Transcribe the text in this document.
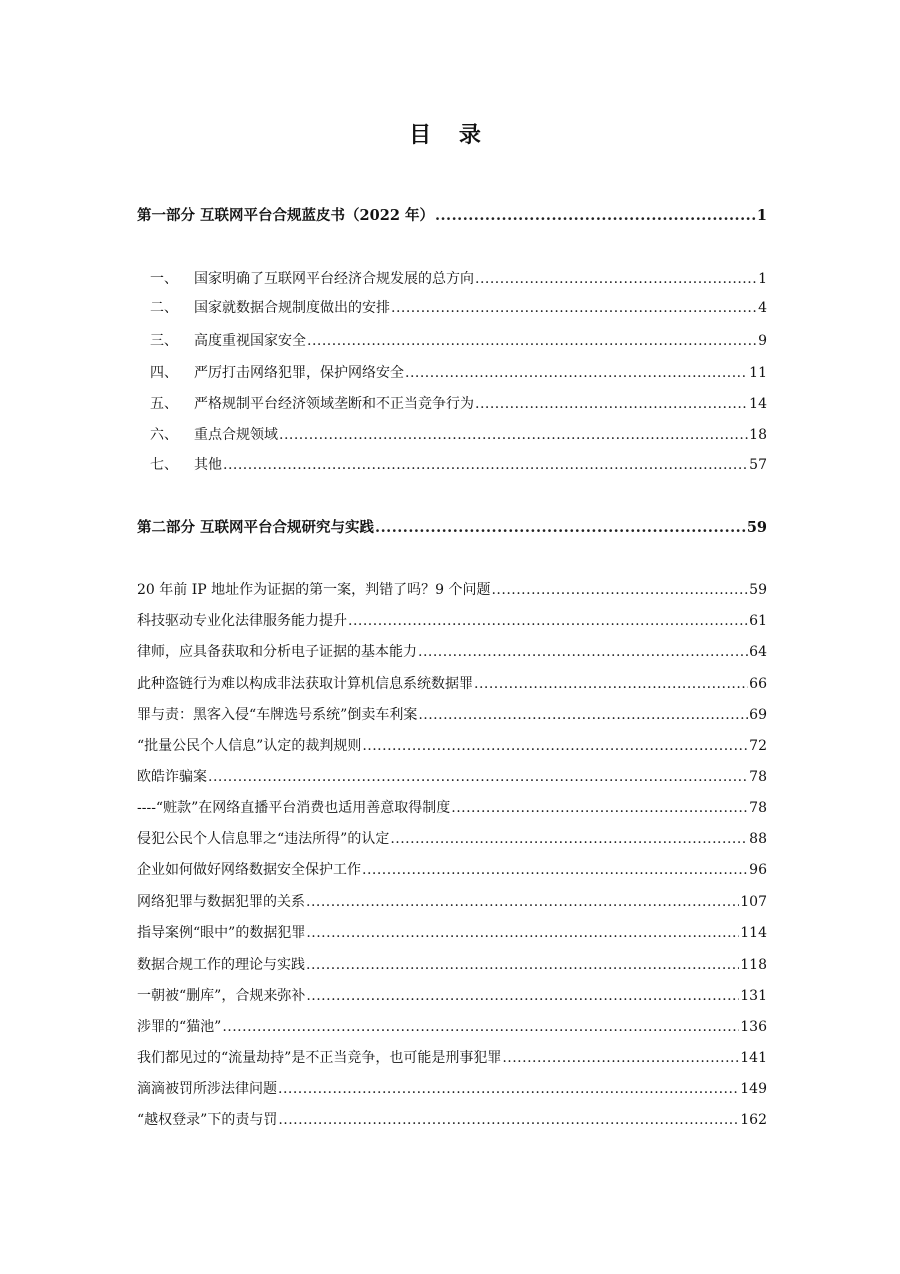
目 录
第一部分 互联网平台合规蓝皮书（2022 年） .....	1
一、 国家明确了互联网平台经济合规发展的总方向 .....	1
二、 国家就数据合规制度做出的安排 .....	4
三、 高度重视国家安全 .....	9
四、 严厉打击网络犯罪，保护网络安全 .....	11
五、 严格规制平台经济领域垄断和不正当竞争行为 .....	14
六、 重点合规领域 .....	18
七、 其他 .....	57
第二部分 互联网平台合规研究与实践 .....	59
20 年前 IP 地址作为证据的第一案，判错了吗？9 个问题 .....	59
科技驱动专业化法律服务能力提升 .....	61
律师，应具备获取和分析电子证据的基本能力 .....	64
此种盗链行为难以构成非法获取计算机信息系统数据罪 .....	66
罪与责：黑客入侵“车牌选号系统”倒卖车利案 .....	69
“批量公民个人信息”认定的裁判规则 .....	72
欧皓诈骗案 .....	78
----“赃款”在网络直播平台消费也适用善意取得制度 .....	78
侵犯公民个人信息罪之“违法所得”的认定 .....	88
企业如何做好网络数据安全保护工作 .....	96
网络犯罪与数据犯罪的关系 .....	107
指导案例“眼中”的数据犯罪 .....	114
数据合规工作的理论与实践 .....	118
一朝被“删库”，合规来弥补 .....	131
涉罪的“猫池” .....	136
我们都见过的“流量劫持”是不正当竞争，也可能是刑事犯罪 .....	141
滴滴被罚所涉法律问题 .....	149
“越权登录”下的责与罚 .....	162
